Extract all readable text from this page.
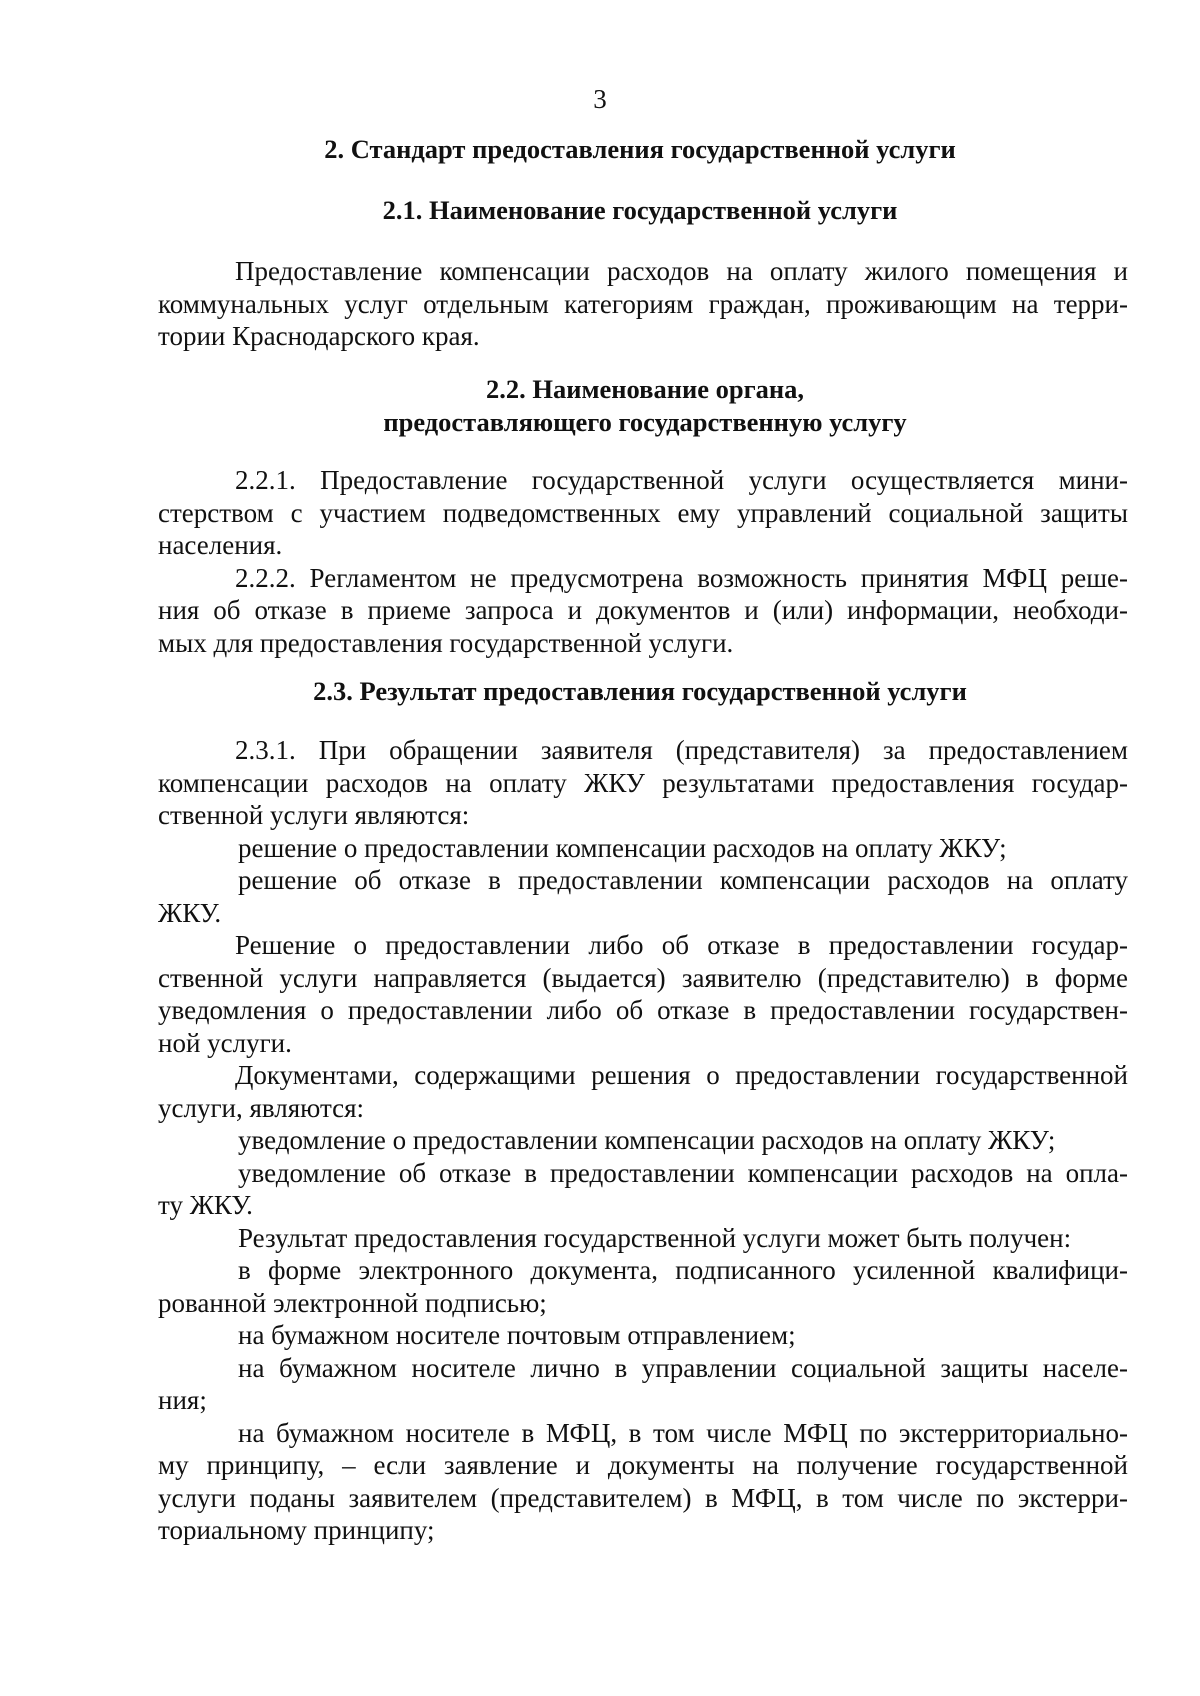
3
2. Стандарт предоставления государственной услуги
2.1. Наименование государственной услуги
Предоставление компенсации расходов на оплату жилого помещения и
коммунальных услуг отдельным категориям граждан, проживающим на терри-
тории Краснодарского края.
2.2. Наименование органа,
предоставляющего государственную услугу
2.2.1. Предоставление государственной услуги осуществляется мини-
стерством с участием подведомственных ему управлений социальной защиты
населения.
2.2.2. Регламентом не предусмотрена возможность принятия МФЦ реше-
ния об отказе в приеме запроса и документов и (или) информации, необходи-
мых для предоставления государственной услуги.
2.3. Результат предоставления государственной услуги
2.3.1. При обращении заявителя (представителя) за предоставлением
компенсации расходов на оплату ЖКУ результатами предоставления государ-
ственной услуги являются:
решение о предоставлении компенсации расходов на оплату ЖКУ;
решение об отказе в предоставлении компенсации расходов на оплату
ЖКУ.
Решение о предоставлении либо об отказе в предоставлении государ-
ственной услуги направляется (выдается) заявителю (представителю) в форме
уведомления о предоставлении либо об отказе в предоставлении государствен-
ной услуги.
Документами, содержащими решения о предоставлении государственной
услуги, являются:
уведомление о предоставлении компенсации расходов на оплату ЖКУ;
уведомление об отказе в предоставлении компенсации расходов на опла-
ту ЖКУ.
Результат предоставления государственной услуги может быть получен:
в форме электронного документа, подписанного усиленной квалифици-
рованной электронной подписью;
на бумажном носителе почтовым отправлением;
на бумажном носителе лично в управлении социальной защиты населе-
ния;
на бумажном носителе в МФЦ, в том числе МФЦ по экстерриториально-
му принципу, – если заявление и документы на получение государственной
услуги поданы заявителем (представителем) в МФЦ, в том числе по экстерри-
ториальному принципу;
